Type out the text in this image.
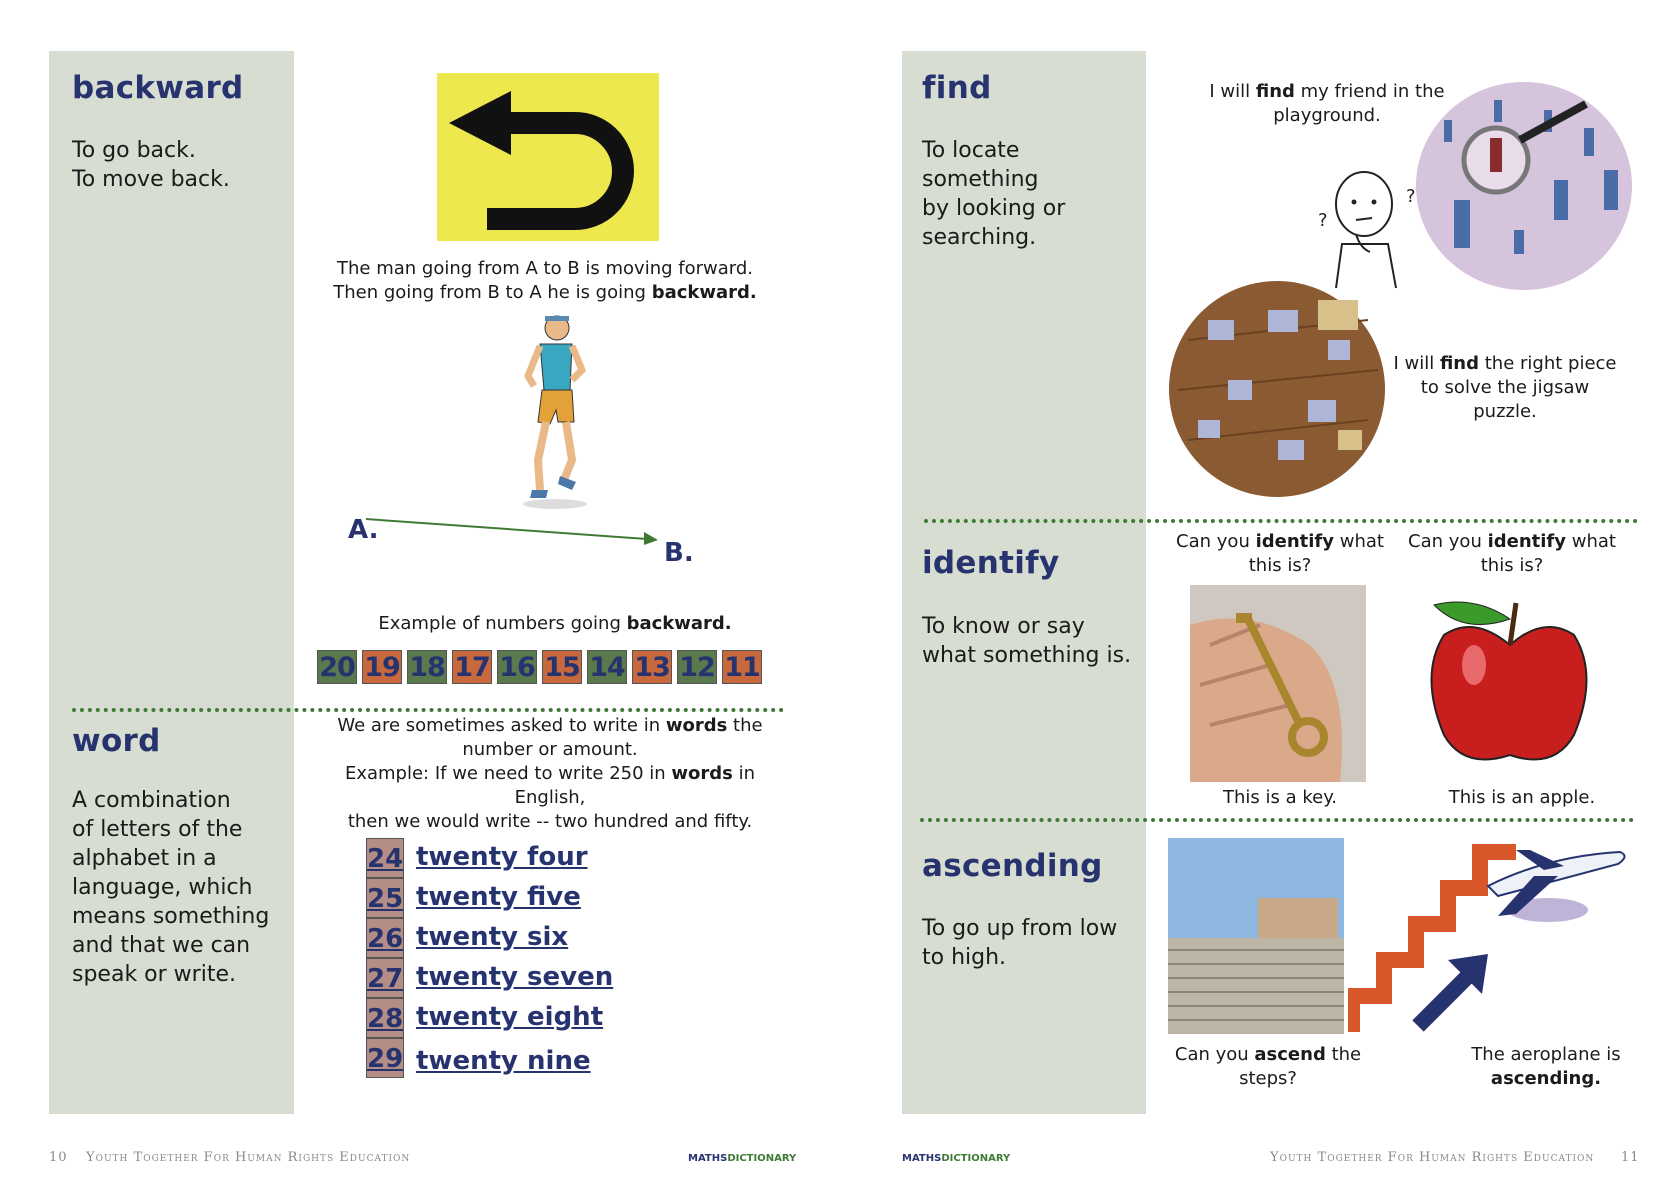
backward
To go back.
To move back.
The man going from A to B is moving forward.
Then going from B to A he is going backward.
A.
B.
Example of numbers going backward.
20 19 18 17 16 15 14 13 12 11
word
A combination
of letters of the
alphabet in a
language, which
means something
and that we can
speak or write.
We are sometimes asked to write in words the
number or amount.
Example: If we need to write 250 in words in English,
then we would write -- two hundred and fifty.
24 twenty four
25 twenty five
26 twenty six
27 twenty seven
28 twenty eight
29 twenty nine
10 Youth Together For Human Rights Education	MATHSDICTIONARY
find
To locate
something
by looking or
searching.
I will find my friend in the
playground.
?
?
I will find the right piece
to solve the jigsaw
puzzle.
identify
To know or say
what something is.
Can you identify what
this is?
Can you identify what
this is?
This is a key.	This is an apple.
ascending
To go up from low
to high.
Can you ascend the
steps?
The aeroplane is
ascending.
MATHSDICTIONARY	Youth Together For Human Rights Education 11
